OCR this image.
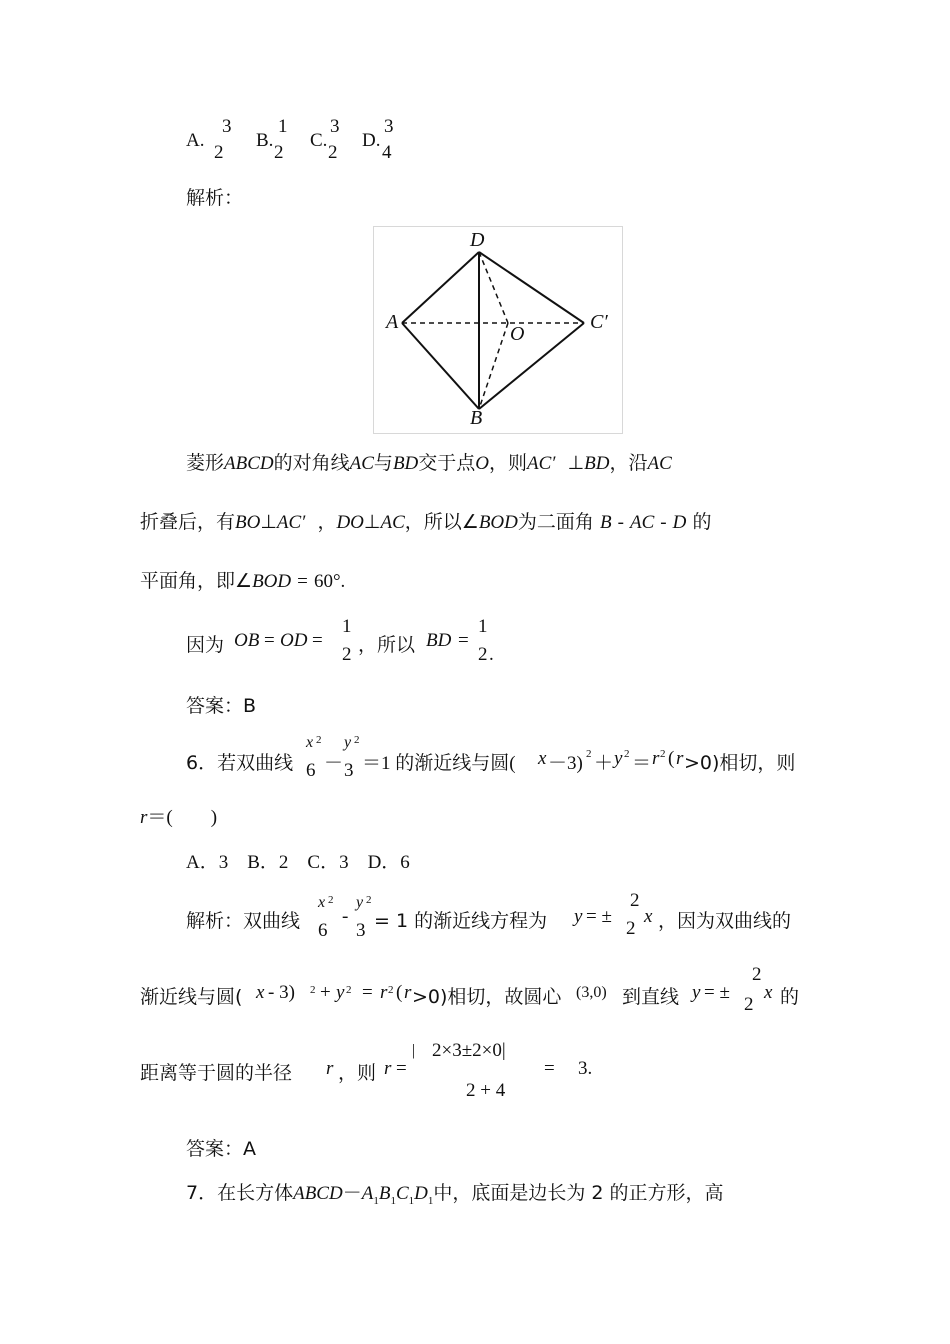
A.
3
2
B.
1
2
C.
3
2
D.
3
4
解析：
D
A
O
C′
B
菱形ABCD的对角线AC与BD交于点O，则AC′ ⊥BD，沿AC
折叠后，有BO⊥AC′ ，DO⊥AC，所以∠BOD为二面角 B - AC - D 的
平面角，即∠BOD = 60°.
因为 OB = OD =
1
2 ，所以 BD =
1
2 .
答案：B
6．若双曲线
x 2
6 －
y 2
3 ＝1 的渐近线与圆( x －3) 2 ＋ y 2 ＝ r 2 ( r >0)相切，则
r＝(　　)
A．3　B．2　C．3　D．6
解析：双曲线
x 2
6
-
y 2
3 = 1 的渐近线方程为 y = ±
2
2
x ，因为双曲线的
渐近线与圆( x - 3) 2 + y 2 = r 2 ( r >0)相切，故圆心 (3,0) 到直线 y = ±
2
2
x 的
距离等于圆的半径 r ，则 r =
| 2×3±2×0|
2 + 4
= 3.
答案：A
7．在长方体$ABCD-A_1B_1C_1D_1$中，底面是边长为 2 的正方形，高
